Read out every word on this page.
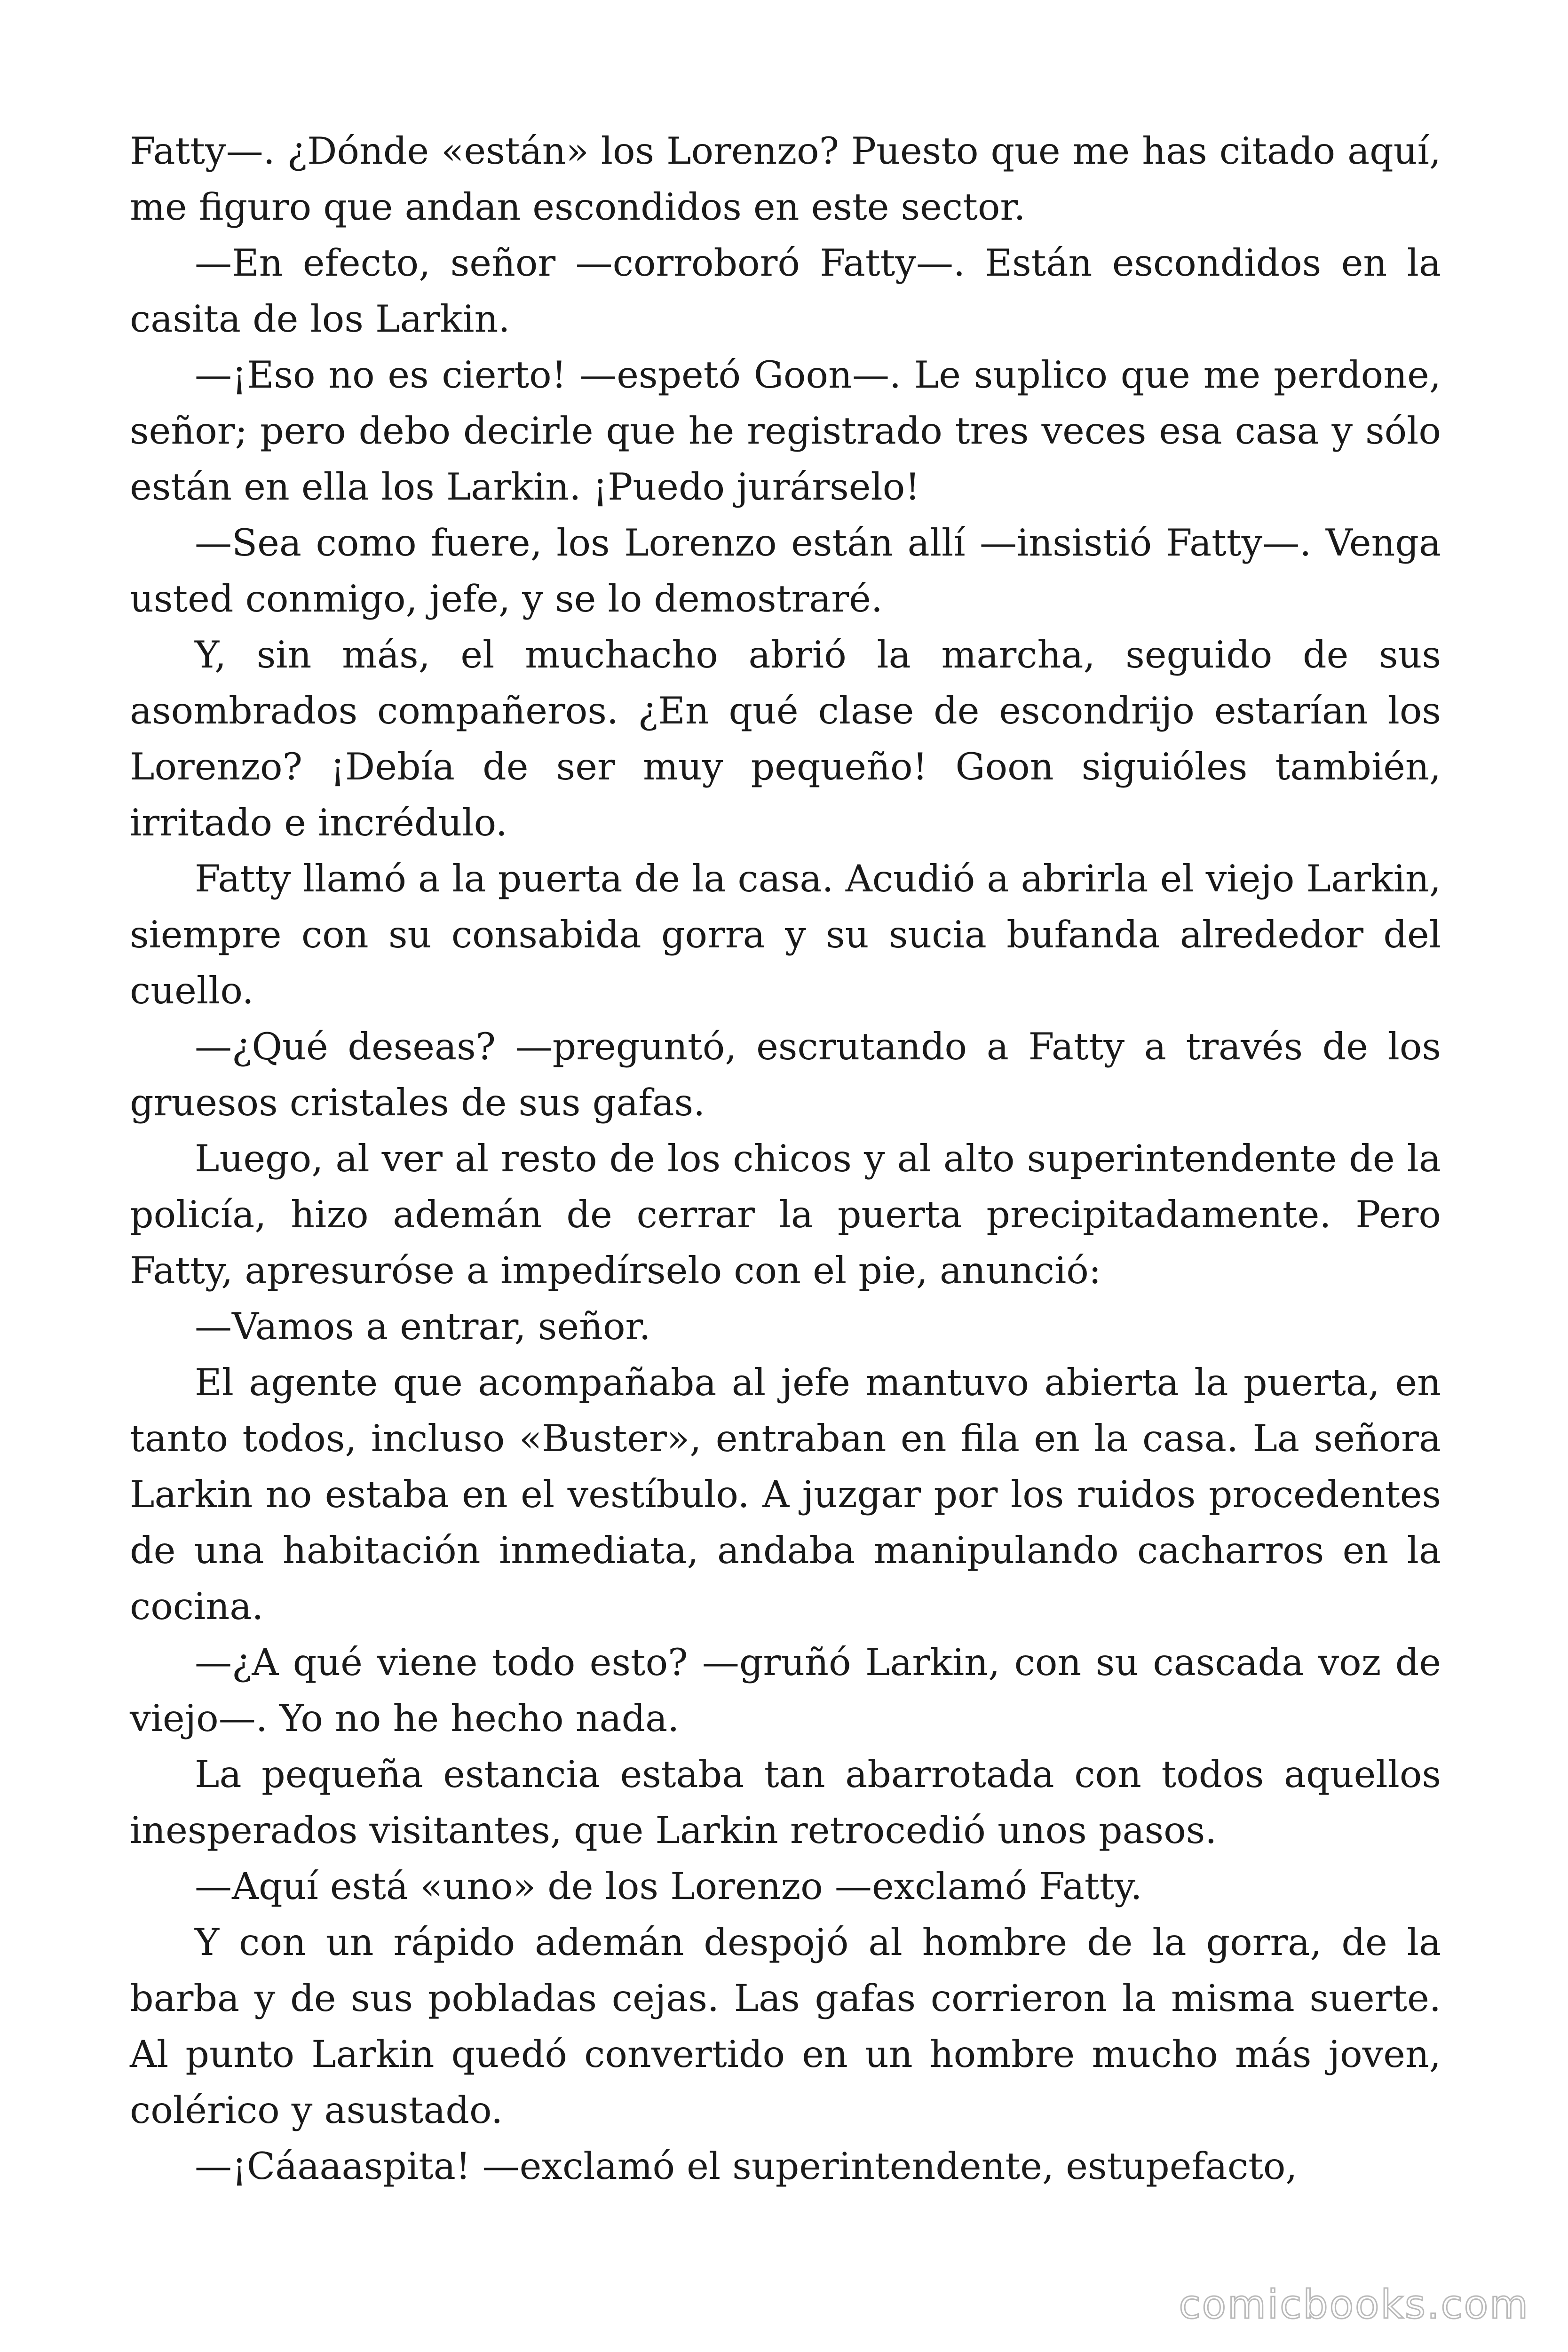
Fatty—. ¿Dónde «están» los Lorenzo? Puesto que me has citado aquí, me figuro que andan escondidos en este sector.

—En efecto, señor —corroboró Fatty—. Están escondidos en la casita de los Larkin.

—¡Eso no es cierto! —espetó Goon—. Le suplico que me perdone, señor; pero debo decirle que he registrado tres veces esa casa y sólo están en ella los Larkin. ¡Puedo jurárselo!

—Sea como fuere, los Lorenzo están allí —insistió Fatty—. Venga usted conmigo, jefe, y se lo demostraré.

Y, sin más, el muchacho abrió la marcha, seguido de sus asombrados compañeros. ¿En qué clase de escondrijo estarían los Lorenzo? ¡Debía de ser muy pequeño! Goon siguióles también, irritado e incrédulo.

Fatty llamó a la puerta de la casa. Acudió a abrirla el viejo Larkin, siempre con su consabida gorra y su sucia bufanda alrededor del cuello.

—¿Qué deseas? —preguntó, escrutando a Fatty a través de los gruesos cristales de sus gafas.

Luego, al ver al resto de los chicos y al alto superintendente de la policía, hizo ademán de cerrar la puerta precipitadamente. Pero Fatty, apresuróse a impedírselo con el pie, anunció:

—Vamos a entrar, señor.

El agente que acompañaba al jefe mantuvo abierta la puerta, en tanto todos, incluso «Buster», entraban en fila en la casa. La señora Larkin no estaba en el vestíbulo. A juzgar por los ruidos procedentes de una habitación inmediata, andaba manipulando cacharros en la cocina.

—¿A qué viene todo esto? —gruñó Larkin, con su cascada voz de viejo—. Yo no he hecho nada.

La pequeña estancia estaba tan abarrotada con todos aquellos inesperados visitantes, que Larkin retrocedió unos pasos.

—Aquí está «uno» de los Lorenzo —exclamó Fatty.

Y con un rápido ademán despojó al hombre de la gorra, de la barba y de sus pobladas cejas. Las gafas corrieron la misma suerte. Al punto Larkin quedó convertido en un hombre mucho más joven, colérico y asustado.

—¡Cáaaaspita! —exclamó el superintendente, estupefacto,

comicbooks.com
